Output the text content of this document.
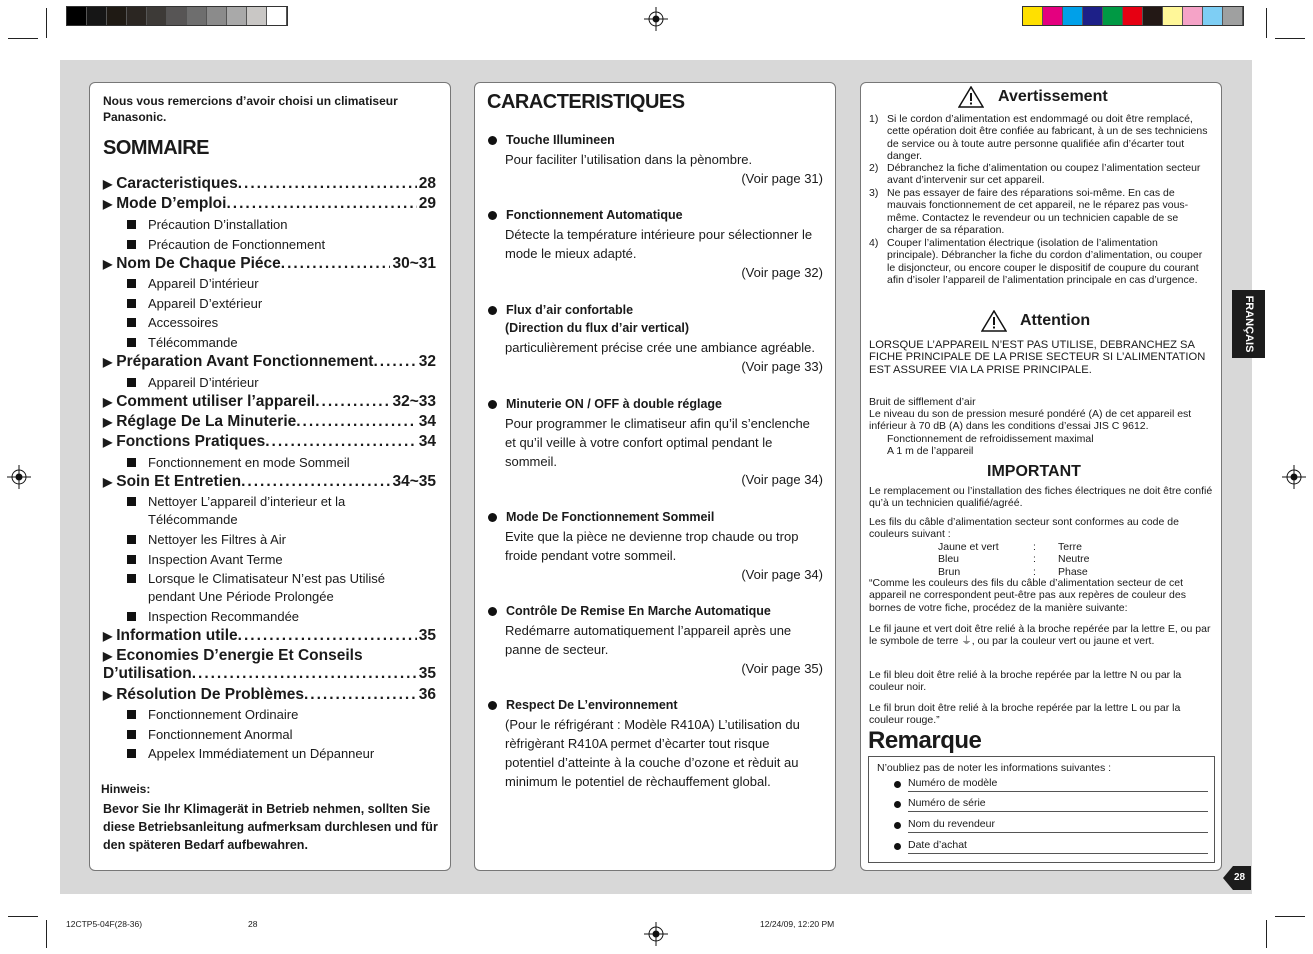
Nous vous remercions d’avoir choisi un climatiseur Panasonic.
SOMMAIRE
▶ Caracteristiques .....	28
▶ Mode D’emploi .....	29
Précaution D’installation
Précaution de Fonctionnement
▶ Nom De Chaque Piéce .....	30~31
Appareil D’intérieur
Appareil D’extérieur
Accessoires
Télécommande
▶ Préparation Avant Fonctionnement .....	32
Appareil D’intérieur
▶ Comment utiliser l’appareil .....	32~33
▶ Réglage De La Minuterie .....	34
▶ Fonctions Pratiques .....	34
Fonctionnement en mode Sommeil
▶ Soin Et Entretien .....	34~35
Nettoyer L’appareil d’interieur et la Télécommande
Nettoyer les Filtres à Air
Inspection Avant Terme
Lorsque le Climatisateur N’est pas Utilisé pendant Une Période Prolongée
Inspection Recommandée
▶ Information utile .....	35
▶ Economies D’energie Et Conseils
D’utilisation .....	35
▶ Résolution De Problèmes .....	36
Fonctionnement Ordinaire
Fonctionnement Anormal
Appelex Immédiatement un Dépanneur
Hinweis:
Bevor Sie Ihr Klimagerät in Betrieb nehmen, sollten Sie diese Betriebsanleitung aufmerksam durchlesen und für den späteren Bedarf aufbewahren.
CARACTERISTIQUES
Touche Illumineen
Pour faciliter l’utilisation dans la pènombre.
(Voir page 31)
Fonctionnement Automatique
Détecte la température intérieure pour sélectionner le mode le mieux adapté.
(Voir page 32)
Flux d’air confortable
(Direction du flux d’air vertical)
particulièrement précise crée une ambiance agréable.
(Voir page 33)
Minuterie ON / OFF à double réglage
Pour programmer le climatiseur afin qu’il s’enclenche et qu’il veille à votre confort optimal pendant le sommeil.
(Voir page 34)
Mode De Fonctionnement Sommeil
Evite que la pièce ne devienne trop chaude ou trop froide pendant votre sommeil.
(Voir page 34)
Contrôle De Remise En Marche Automatique
Redémarre automatiquement l’appareil après une panne de secteur.
(Voir page 35)
Respect De L’environnement
(Pour le réfrigérant : Modèle R410A) L’utilisation du rèfrigèrant R410A permet d’ècarter tout risque potentiel d’atteinte à la couche d’ozone et rèduit au minimum le potentiel de rèchauffement global.
Avertissement
1) Si le cordon d’alimentation est endommagé ou doit être remplacé, cette opération doit être confiée au fabricant, à un de ses techniciens de service ou à toute autre personne qualifiée afin d’écarter tout danger.
2) Débranchez la fiche d’alimentation ou coupez l’alimentation secteur avant d’intervenir sur cet appareil.
3) Ne pas essayer de faire des réparations soi-même. En cas de mauvais fonctionnement de cet appareil, ne le réparez pas vous-même. Contactez le revendeur ou un technicien capable de se charger de sa réparation.
4) Couper l’alimentation électrique (isolation de l’alimentation principale). Débrancher la fiche du cordon d’alimentation, ou couper le disjoncteur, ou encore couper le dispositif de coupure du courant afin d’isoler l’appareil de l’alimentation principale en cas d’urgence.
Attention
LORSQUE L’APPAREIL N’EST PAS UTILISE, DEBRANCHEZ SA FICHE PRINCIPALE DE LA PRISE SECTEUR SI L’ALIMENTATION EST ASSUREE VIA LA PRISE PRINCIPALE.
Bruit de sifflement d’air
Le niveau du son de pression mesuré pondéré (A) de cet appareil est inférieur à 70 dB (A) dans les conditions d’essai JIS C 9612.
Fonctionnement de refroidissement maximal
A 1 m de l’appareil
IMPORTANT
Le remplacement ou l’installation des fiches électriques ne doit être confié qu’à un technicien qualifié/agréé.
Les fils du câble d’alimentation secteur sont conformes au code de couleurs suivant :
Jaune et vert	: Terre
Bleu	: Neutre
Brun	: Phase
“Comme les couleurs des fils du câble d’alimentation secteur de cet appareil ne correspondent peut-être pas aux repères de couleur des bornes de votre fiche, procédez de la manière suivante:
Le fil jaune et vert doit être relié à la broche repérée par la lettre E, ou par le symbole de terre ⏚, ou par la couleur vert ou jaune et vert.
Le fil bleu doit être relié à la broche repérée par la lettre N ou par la couleur noir.
Le fil brun doit être relié à la broche repérée par la lettre L ou par la couleur rouge.”
Remarque
N’oubliez pas de noter les informations suivantes :
Numéro de modèle
Numéro de série
Nom du revendeur
Date d’achat
FRANÇAIS
28
12CTP5-04F(28-36)	28	12/24/09, 12:20 PM
